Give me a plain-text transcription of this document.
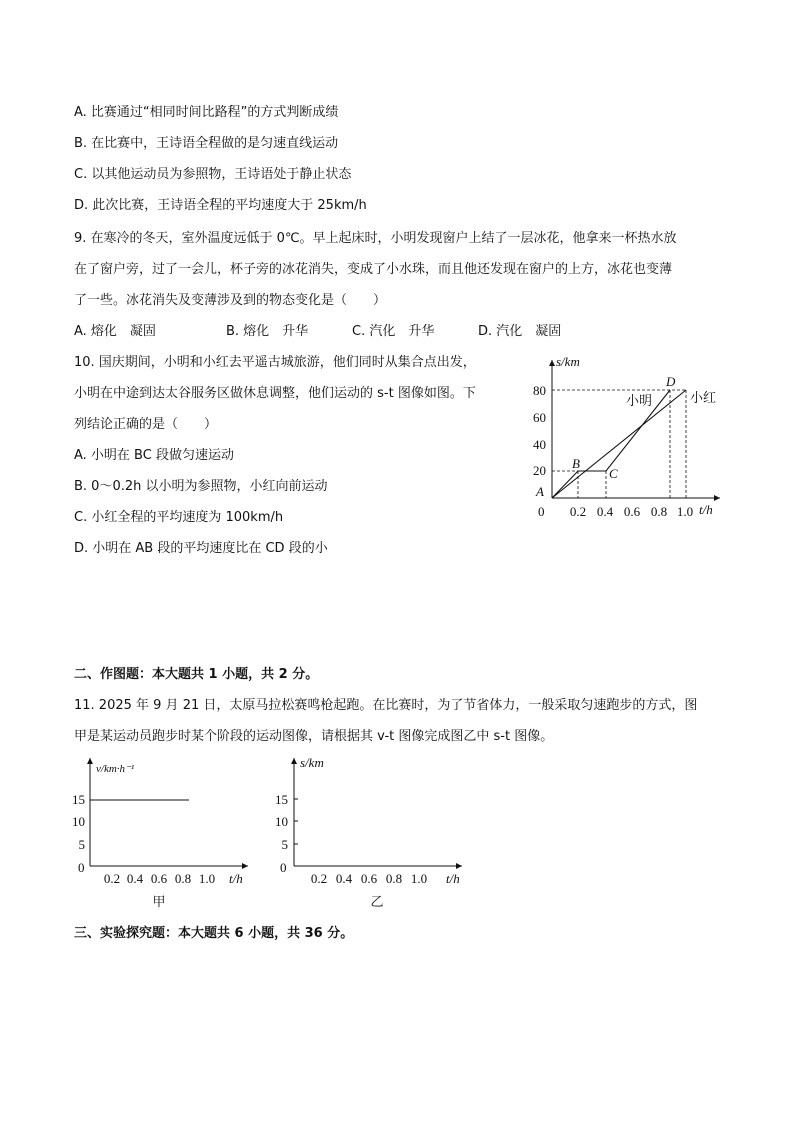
A. 比赛通过“相同时间比路程”的方式判断成绩
B. 在比赛中，王诗语全程做的是匀速直线运动
C. 以其他运动员为参照物，王诗语处于静止状态
D. 此次比赛，王诗语全程的平均速度大于 25km/h
9. 在寒冷的冬天，室外温度远低于 0℃。早上起床时，小明发现窗户上结了一层冰花，他拿来一杯热水放
在了窗户旁，过了一会儿，杯子旁的冰花消失，变成了小水珠，而且他还发现在窗户的上方，冰花也变薄
了一些。冰花消失及变薄涉及到的物态变化是（　　）
A. 熔化　凝固	B. 熔化　升华	C. 汽化　升华	D. 汽化　凝固
10. 国庆期间，小明和小红去平遥古城旅游，他们同时从集合点出发，
小明在中途到达太谷服务区做休息调整，他们运动的 s-t 图像如图。下
列结论正确的是（　　）
A. 小明在 BC 段做匀速运动
B. 0～0.2h 以小明为参照物，小红向前运动
C. 小红全程的平均速度为 100km/h
D. 小明在 AB 段的平均速度比在 CD 段的小
s/km
t/h
0
20
40
60
80
0.2 0.4 0.6 0.8 1.0
A
B
C
D
小明	小红
二、作图题：本大题共 1 小题，共 2 分。
11. 2025 年 9 月 21 日，太原马拉松赛鸣枪起跑。在比赛时，为了节省体力，一般采取匀速跑步的方式，图
甲是某运动员跑步时某个阶段的运动图像，请根据其 v-t 图像完成图乙中 s-t 图像。
v/km·h⁻¹
t/h
0
5
10
15
0.2 0.4 0.6 0.8 1.0
甲
s/km
t/h
0
5
10
15
0.2 0.4 0.6 0.8 1.0
乙
三、实验探究题：本大题共 6 小题，共 36 分。
